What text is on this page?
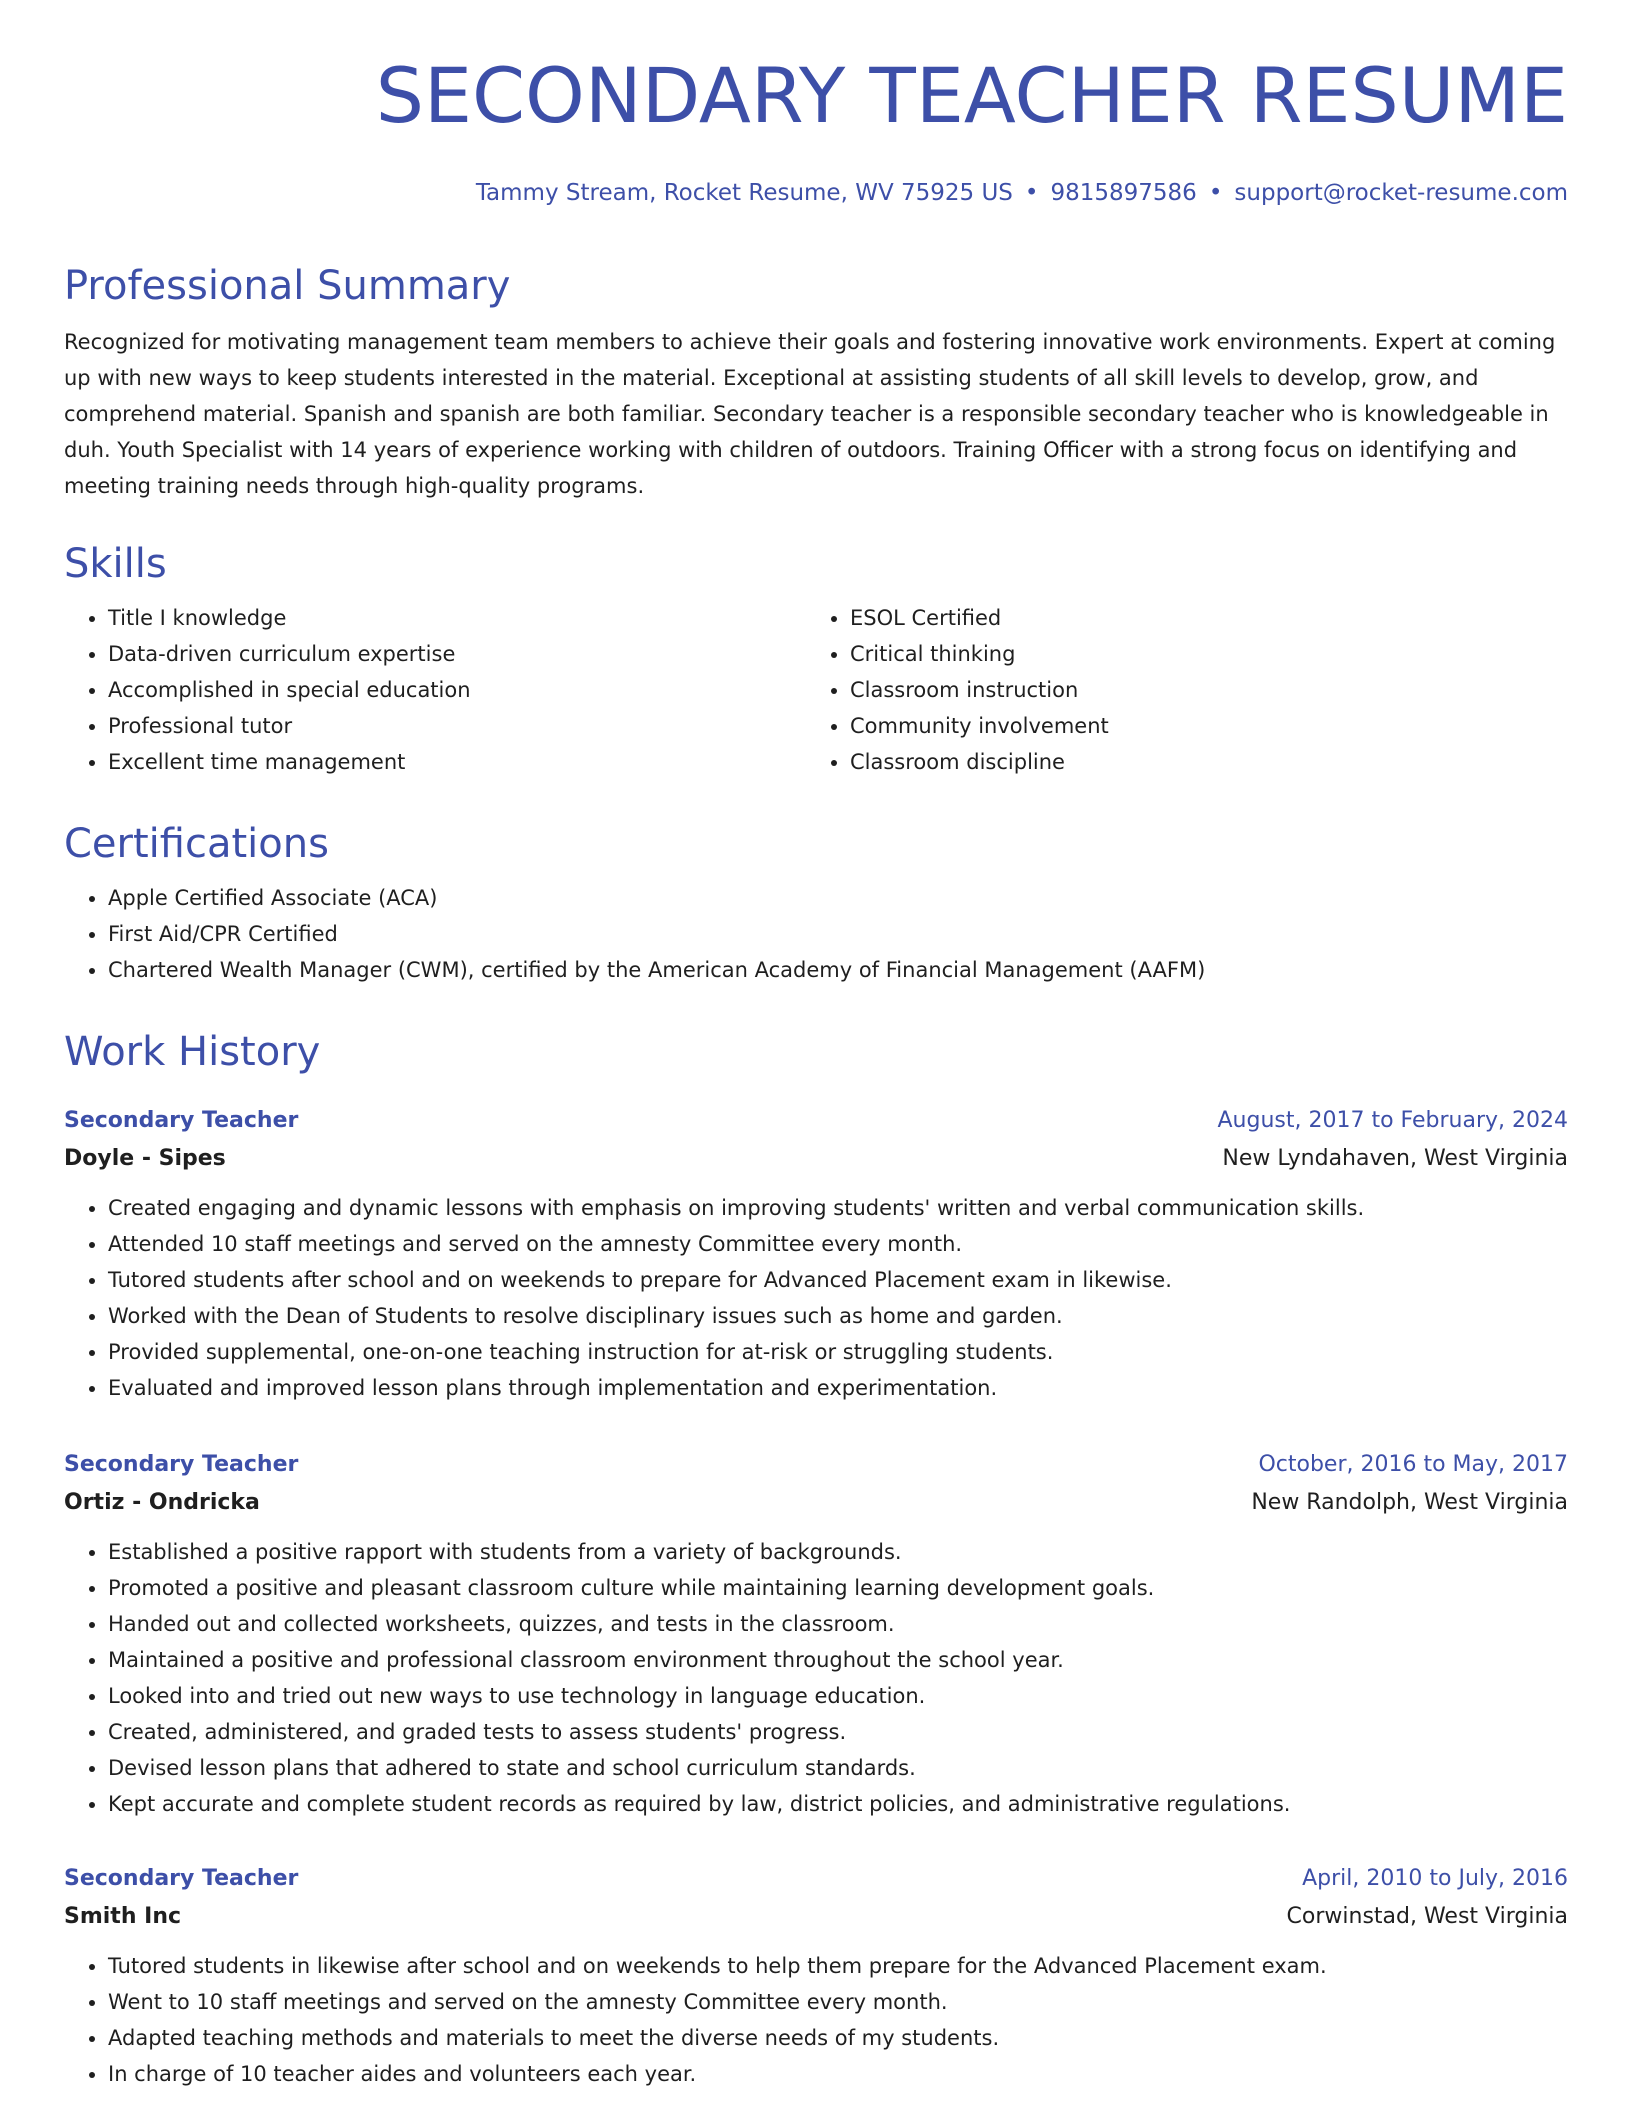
SECONDARY TEACHER RESUME
Tammy Stream, Rocket Resume, WV 75925 US • 9815897586 • support@rocket-resume.com
Professional Summary

Recognized for motivating management team members to achieve their goals and fostering innovative work environments. Expert at coming up with new ways to keep students interested in the material. Exceptional at assisting students of all skill levels to develop, grow, and comprehend material. Spanish and spanish are both familiar. Secondary teacher is a responsible secondary teacher who is knowledgeable in duh. Youth Specialist with 14 years of experience working with children of outdoors. Training Officer with a strong focus on identifying and meeting training needs through high-quality programs.

Skills
• Title I knowledge
• Data-driven curriculum expertise
• Accomplished in special education
• Professional tutor
• Excellent time management
• ESOL Certified
• Critical thinking
• Classroom instruction
• Community involvement
• Classroom discipline
Certifications
• Apple Certified Associate (ACA)
• First Aid/CPR Certified
• Chartered Wealth Manager (CWM), certified by the American Academy of Financial Management (AAFM)
Work History
Secondary Teacher	August, 2017 to February, 2024
Doyle - Sipes	New Lyndahaven, West Virginia
• Created engaging and dynamic lessons with emphasis on improving students' written and verbal communication skills.
• Attended 10 staff meetings and served on the amnesty Committee every month.
• Tutored students after school and on weekends to prepare for Advanced Placement exam in likewise.
• Worked with the Dean of Students to resolve disciplinary issues such as home and garden.
• Provided supplemental, one-on-one teaching instruction for at-risk or struggling students.
• Evaluated and improved lesson plans through implementation and experimentation.
Secondary Teacher	October, 2016 to May, 2017
Ortiz - Ondricka	New Randolph, West Virginia
• Established a positive rapport with students from a variety of backgrounds.
• Promoted a positive and pleasant classroom culture while maintaining learning development goals.
• Handed out and collected worksheets, quizzes, and tests in the classroom.
• Maintained a positive and professional classroom environment throughout the school year.
• Looked into and tried out new ways to use technology in language education.
• Created, administered, and graded tests to assess students' progress.
• Devised lesson plans that adhered to state and school curriculum standards.
• Kept accurate and complete student records as required by law, district policies, and administrative regulations.
Secondary Teacher	April, 2010 to July, 2016
Smith Inc	Corwinstad, West Virginia
• Tutored students in likewise after school and on weekends to help them prepare for the Advanced Placement exam.
• Went to 10 staff meetings and served on the amnesty Committee every month.
• Adapted teaching methods and materials to meet the diverse needs of my students.
• In charge of 10 teacher aides and volunteers each year.
